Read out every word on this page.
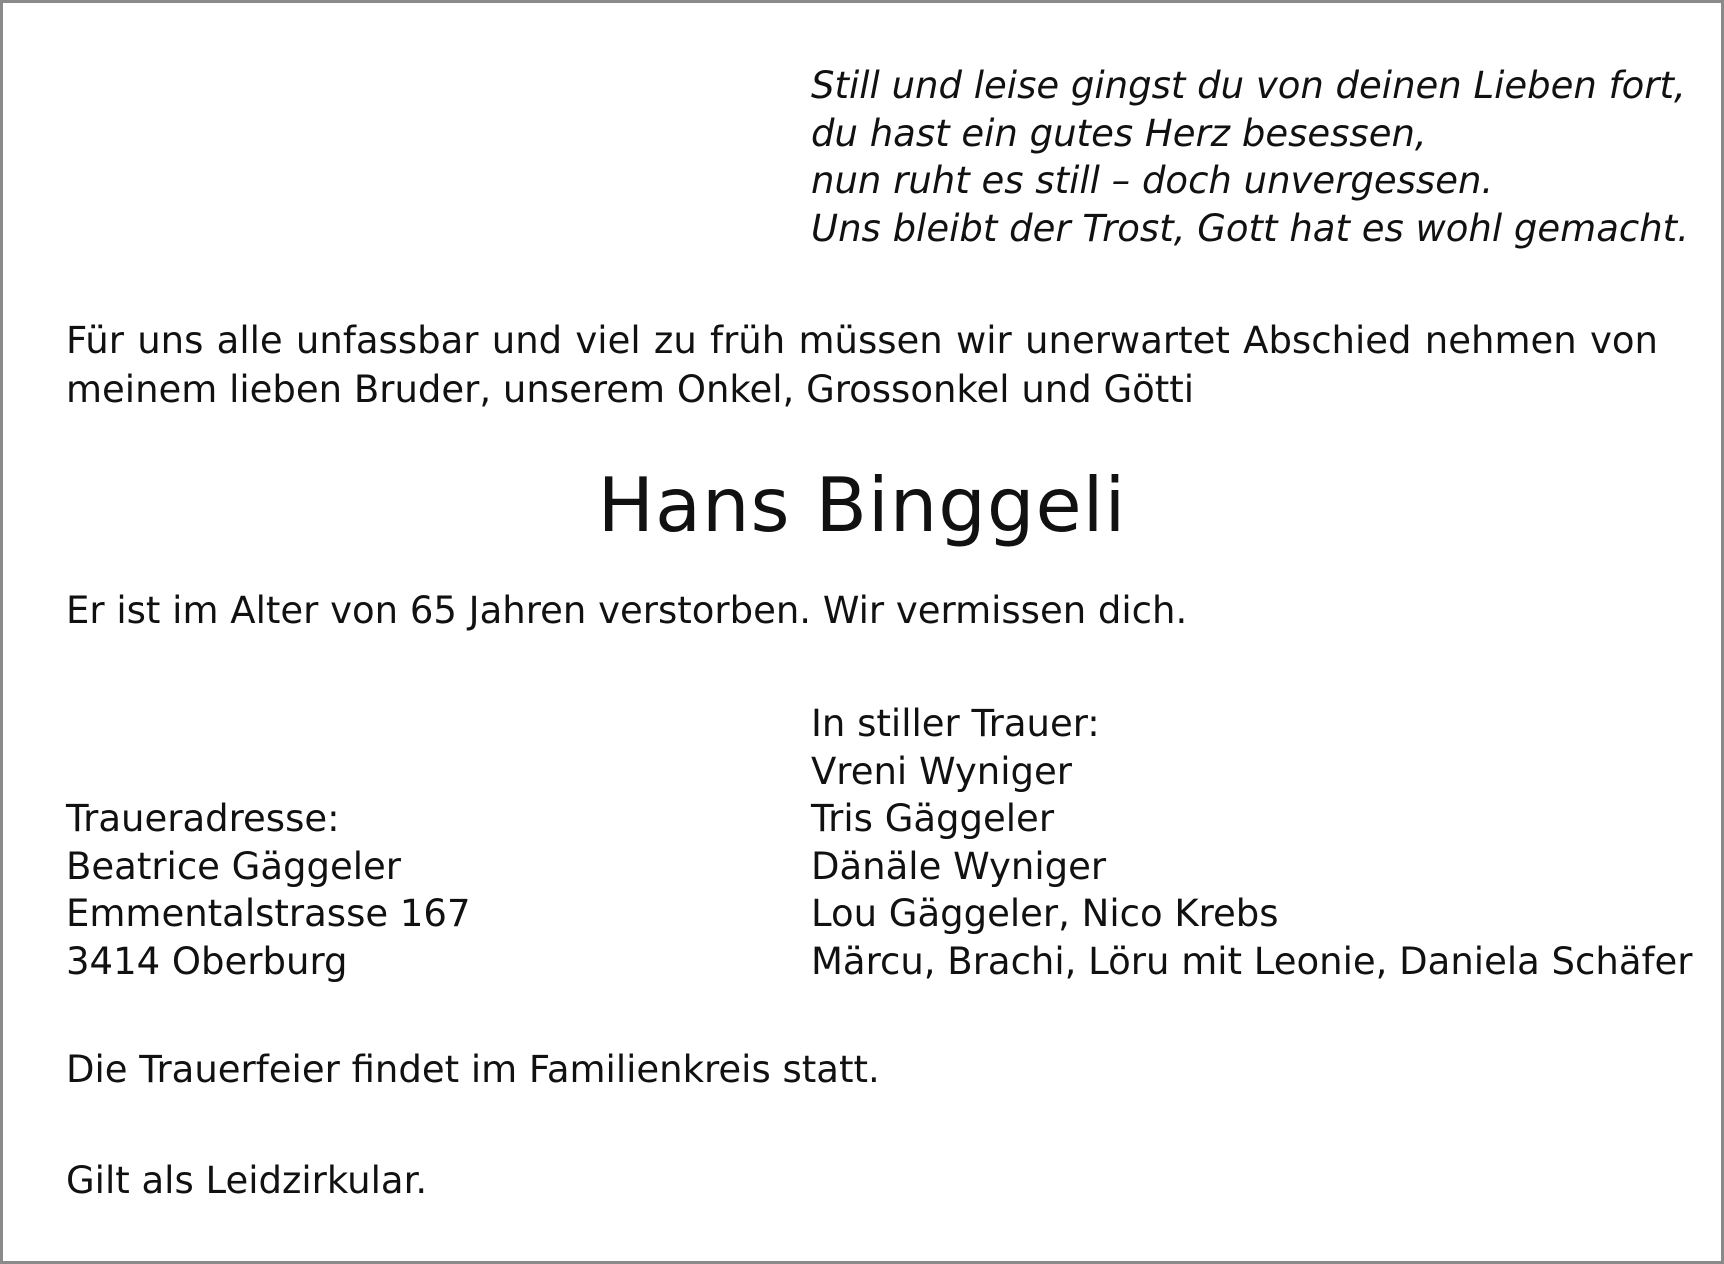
Still und leise gingst du von deinen Lieben fort,
du hast ein gutes Herz besessen,
nun ruht es still – doch unvergessen.
Uns bleibt der Trost, Gott hat es wohl gemacht.
Für uns alle unfassbar und viel zu früh müssen wir unerwartet Abschied nehmen von
meinem lieben Bruder, unserem Onkel, Grossonkel und Götti
Hans Binggeli
Er ist im Alter von 65 Jahren verstorben. Wir vermissen dich.
In stiller Trauer:
Vreni Wyniger
Tris Gäggeler
Dänäle Wyniger
Lou Gäggeler, Nico Krebs
Märcu, Brachi, Löru mit Leonie, Daniela Schäfer
Traueradresse:
Beatrice Gäggeler
Emmentalstrasse 167
3414 Oberburg
Die Trauerfeier findet im Familienkreis statt.
Gilt als Leidzirkular.
